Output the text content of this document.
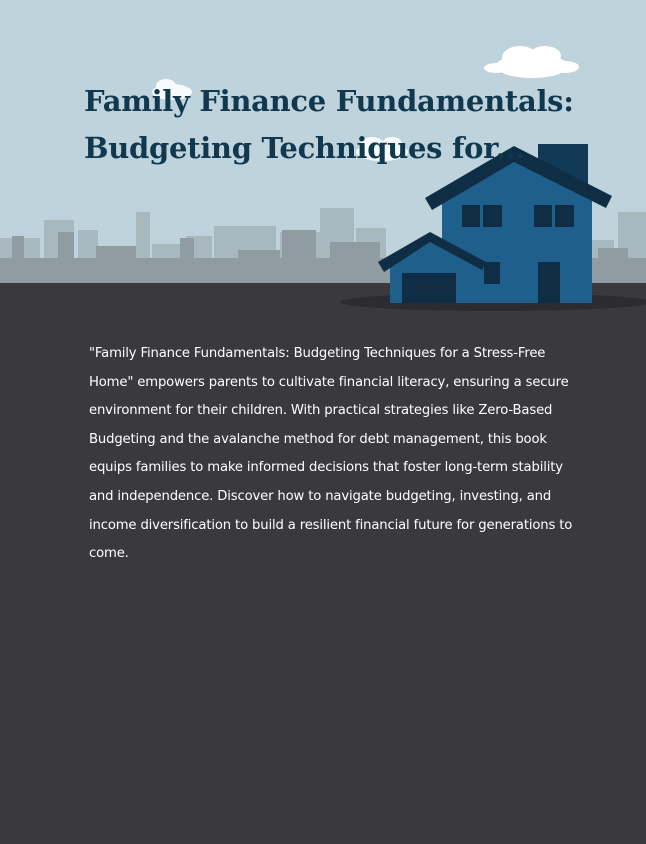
Family Finance Fundamentals: Budgeting Techniques for...

"Family Finance Fundamentals: Budgeting Techniques for a Stress-Free Home" empowers parents to cultivate financial literacy, ensuring a secure environment for their children. With practical strategies like Zero-Based Budgeting and the avalanche method for debt management, this book equips families to make informed decisions that foster long-term stability and independence. Discover how to navigate budgeting, investing, and income diversification to build a resilient financial future for generations to come.
